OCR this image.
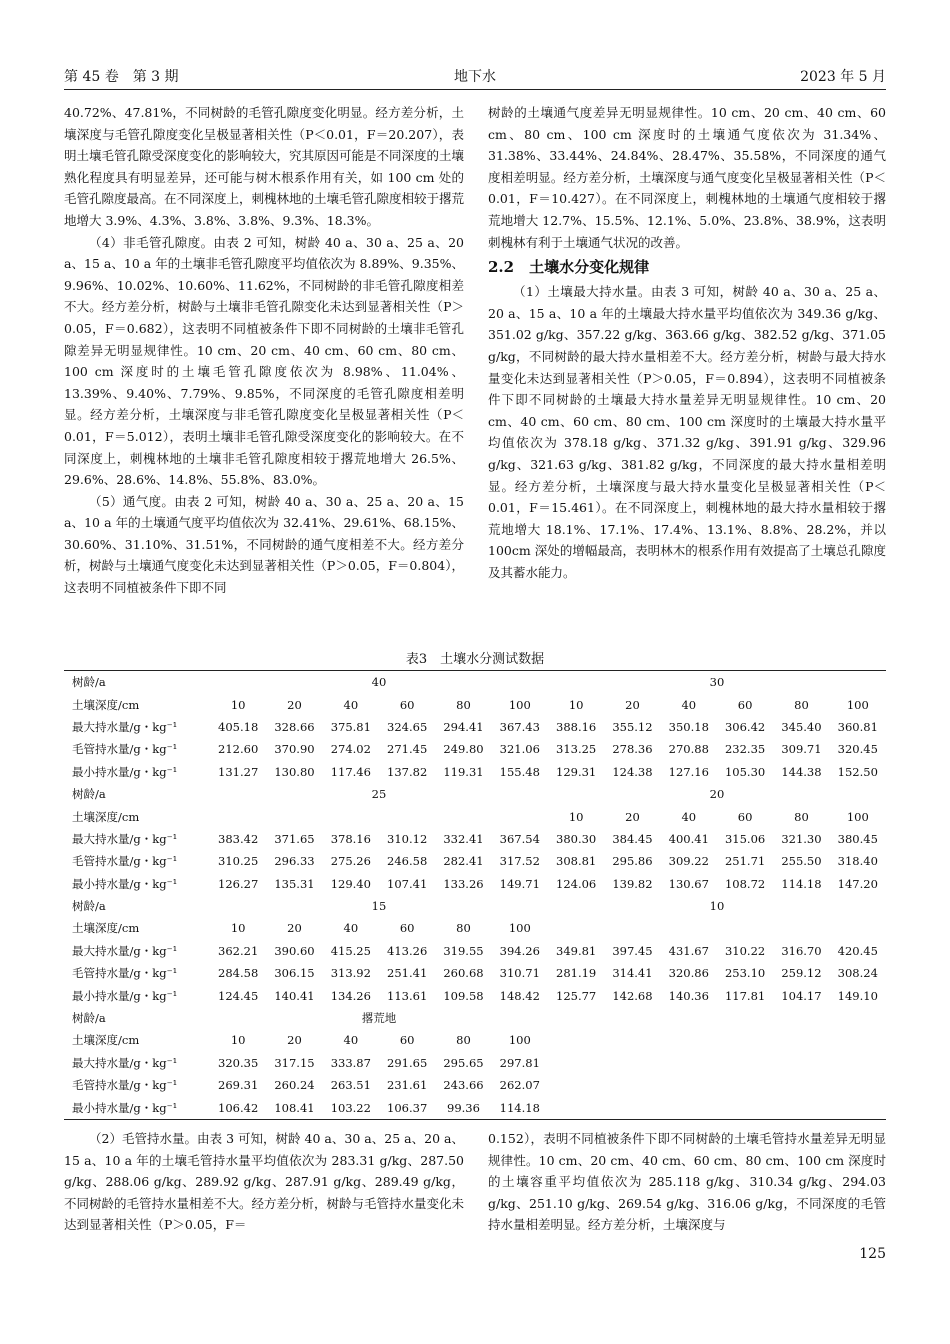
第 45 卷　第 3 期	地下水	2023 年 5 月

40.72%、47.81%，不同树龄的毛管孔隙度变化明显。经方差分析，土壤深度与毛管孔隙度变化呈极显著相关性（P＜0.01，F＝20.207），表明土壤毛管孔隙受深度变化的影响较大，究其原因可能是不同深度的土壤熟化程度具有明显差异，还可能与树木根系作用有关，如 100 cm 处的毛管孔隙度最高。在不同深度上，刺槐林地的土壤毛管孔隙度相较于撂荒地增大 3.9%、4.3%、3.8%、3.8%、9.3%、18.3%。

（4）非毛管孔隙度。由表 2 可知，树龄 40 a、30 a、25 a、20 a、15 a、10 a 年的土壤非毛管孔隙度平均值依次为 8.89%、9.35%、9.96%、10.02%、10.60%、11.62%，不同树龄的非毛管孔隙度相差不大。经方差分析，树龄与土壤非毛管孔隙变化未达到显著相关性（P＞0.05，F＝0.682），这表明不同植被条件下即不同树龄的土壤非毛管孔隙差异无明显规律性。10 cm、20 cm、40 cm、60 cm、80 cm、100 cm 深度时的土壤毛管孔隙度依次为 8.98%、11.04%、13.39%、9.40%、7.79%、9.85%，不同深度的毛管孔隙度相差明显。经方差分析，土壤深度与非毛管孔隙度变化呈极显著相关性（P＜0.01，F＝5.012），表明土壤非毛管孔隙受深度变化的影响较大。在不同深度上，刺槐林地的土壤非毛管孔隙度相较于撂荒地增大 26.5%、29.6%、28.6%、14.8%、55.8%、83.0%。

（5）通气度。由表 2 可知，树龄 40 a、30 a、25 a、20 a、15 a、10 a 年的土壤通气度平均值依次为 32.41%、29.61%、68.15%、30.60%、31.10%、31.51%，不同树龄的通气度相差不大。经方差分析，树龄与土壤通气度变化未达到显著相关性（P＞0.05，F＝0.804），这表明不同植被条件下即不同

树龄的土壤通气度差异无明显规律性。10 cm、20 cm、40 cm、60 cm、80 cm、100 cm 深度时的土壤通气度依次为 31.34%、31.38%、33.44%、24.84%、28.47%、35.58%，不同深度的通气度相差明显。经方差分析，土壤深度与通气度变化呈极显著相关性（P＜0.01，F＝10.427）。在不同深度上，刺槐林地的土壤通气度相较于撂荒地增大 12.7%、15.5%、12.1%、5.0%、23.8%、38.9%，这表明刺槐林有利于土壤通气状况的改善。

2.2　土壤水分变化规律

（1）土壤最大持水量。由表 3 可知，树龄 40 a、30 a、25 a、20 a、15 a、10 a 年的土壤最大持水量平均值依次为 349.36 g/kg、351.02 g/kg、357.22 g/kg、363.66 g/kg、382.52 g/kg、371.05 g/kg，不同树龄的最大持水量相差不大。经方差分析，树龄与最大持水量变化未达到显著相关性（P＞0.05，F＝0.894），这表明不同植被条件下即不同树龄的土壤最大持水量差异无明显规律性。10 cm、20 cm、40 cm、60 cm、80 cm、100 cm 深度时的土壤最大持水量平均值依次为 378.18 g/kg、371.32 g/kg、391.91 g/kg、329.96 g/kg、321.63 g/kg、381.82 g/kg，不同深度的最大持水量相差明显。经方差分析，土壤深度与最大持水量变化呈极显著相关性（P＜0.01，F＝15.461）。在不同深度上，刺槐林地的最大持水量相较于撂荒地增大 18.1%、17.1%、17.4%、13.1%、8.8%、28.2%，并以 100cm 深处的增幅最高，表明林木的根系作用有效提高了土壤总孔隙度及其蓄水能力。

表3　土壤水分测试数据
树龄/a	40						30					
土壤深度/cm	10	20	40	60	80	100	10	20	40	60	80	100
最大持水量/g・kg⁻¹	405.18	328.66	375.81	324.65	294.41	367.43	388.16	355.12	350.18	306.42	345.40	360.81
毛管持水量/g・kg⁻¹	212.60	370.90	274.02	271.45	249.80	321.06	313.25	278.36	270.88	232.35	309.71	320.45
最小持水量/g・kg⁻¹	131.27	130.80	117.46	137.82	119.31	155.48	129.31	124.38	127.16	105.30	144.38	152.50
树龄/a	25						20					
土壤深度/cm							10	20	40	60	80	100
最大持水量/g・kg⁻¹	383.42	371.65	378.16	310.12	332.41	367.54	380.30	384.45	400.41	315.06	321.30	380.45
毛管持水量/g・kg⁻¹	310.25	296.33	275.26	246.58	282.41	317.52	308.81	295.86	309.22	251.71	255.50	318.40
最小持水量/g・kg⁻¹	126.27	135.31	129.40	107.41	133.26	149.71	124.06	139.82	130.67	108.72	114.18	147.20
树龄/a	15						10					
土壤深度/cm	10	20	40	60	80	100						
最大持水量/g・kg⁻¹	362.21	390.60	415.25	413.26	319.55	394.26	349.81	397.45	431.67	310.22	316.70	420.45
毛管持水量/g・kg⁻¹	284.58	306.15	313.92	251.41	260.68	310.71	281.19	314.41	320.86	253.10	259.12	308.24
最小持水量/g・kg⁻¹	124.45	140.41	134.26	113.61	109.58	148.42	125.77	142.68	140.36	117.81	104.17	149.10
树龄/a	撂荒地											
土壤深度/cm	10	20	40	60	80	100						
最大持水量/g・kg⁻¹	320.35	317.15	333.87	291.65	295.65	297.81						
毛管持水量/g・kg⁻¹	269.31	260.24	263.51	231.61	243.66	262.07						
最小持水量/g・kg⁻¹	106.42	108.41	103.22	106.37	99.36	114.18						

（2）毛管持水量。由表 3 可知，树龄 40 a、30 a、25 a、20 a、15 a、10 a 年的土壤毛管持水量平均值依次为 283.31 g/kg、287.50 g/kg、288.06 g/kg、289.92 g/kg、287.91 g/kg、289.49 g/kg，不同树龄的毛管持水量相差不大。经方差分析，树龄与毛管持水量变化未达到显著相关性（P＞0.05，F＝

0.152），表明不同植被条件下即不同树龄的土壤毛管持水量差异无明显规律性。10 cm、20 cm、40 cm、60 cm、80 cm、100 cm 深度时的土壤容重平均值依次为 285.118 g/kg、310.34 g/kg、294.03 g/kg、251.10 g/kg、269.54 g/kg、316.06 g/kg，不同深度的毛管持水量相差明显。经方差分析，土壤深度与

125
